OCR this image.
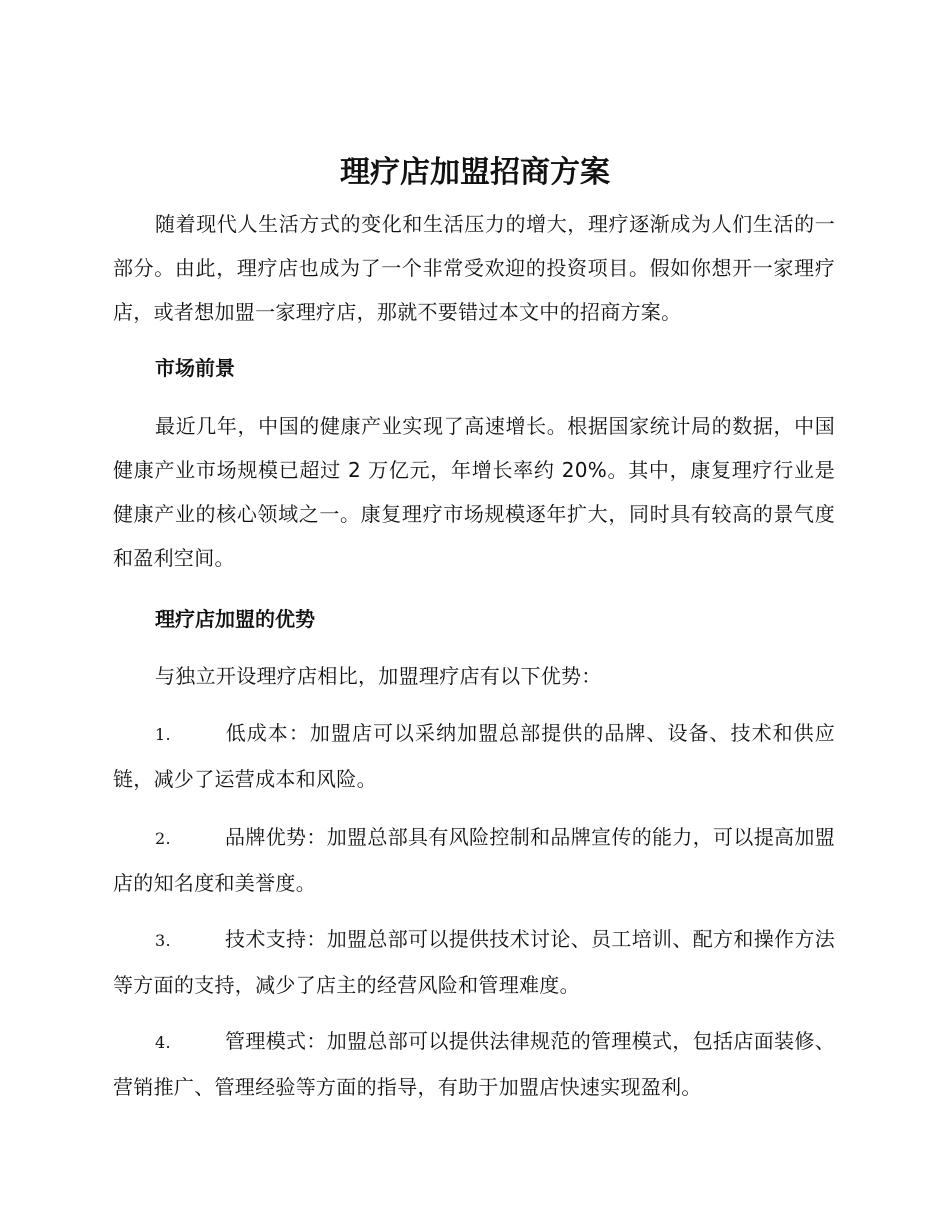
理疗店加盟招商方案

随着现代人生活方式的变化和生活压力的增大，理疗逐渐成为人们生活的一部分。由此，理疗店也成为了一个非常受欢迎的投资项目。假如你想开一家理疗店，或者想加盟一家理疗店，那就不要错过本文中的招商方案。

市场前景

最近几年，中国的健康产业实现了高速增长。根据国家统计局的数据，中国健康产业市场规模已超过 2 万亿元，年增长率约 20%。其中，康复理疗行业是健康产业的核心领域之一。康复理疗市场规模逐年扩大，同时具有较高的景气度和盈利空间。

理疗店加盟的优势

与独立开设理疗店相比，加盟理疗店有以下优势：

1.	低成本：加盟店可以采纳加盟总部提供的品牌、设备、技术和供应链，减少了运营成本和风险。

2.	品牌优势：加盟总部具有风险控制和品牌宣传的能力，可以提高加盟店的知名度和美誉度。

3.	技术支持：加盟总部可以提供技术讨论、员工培训、配方和操作方法等方面的支持，减少了店主的经营风险和管理难度。

4.	管理模式：加盟总部可以提供法律规范的管理模式，包括店面装修、营销推广、管理经验等方面的指导，有助于加盟店快速实现盈利。
